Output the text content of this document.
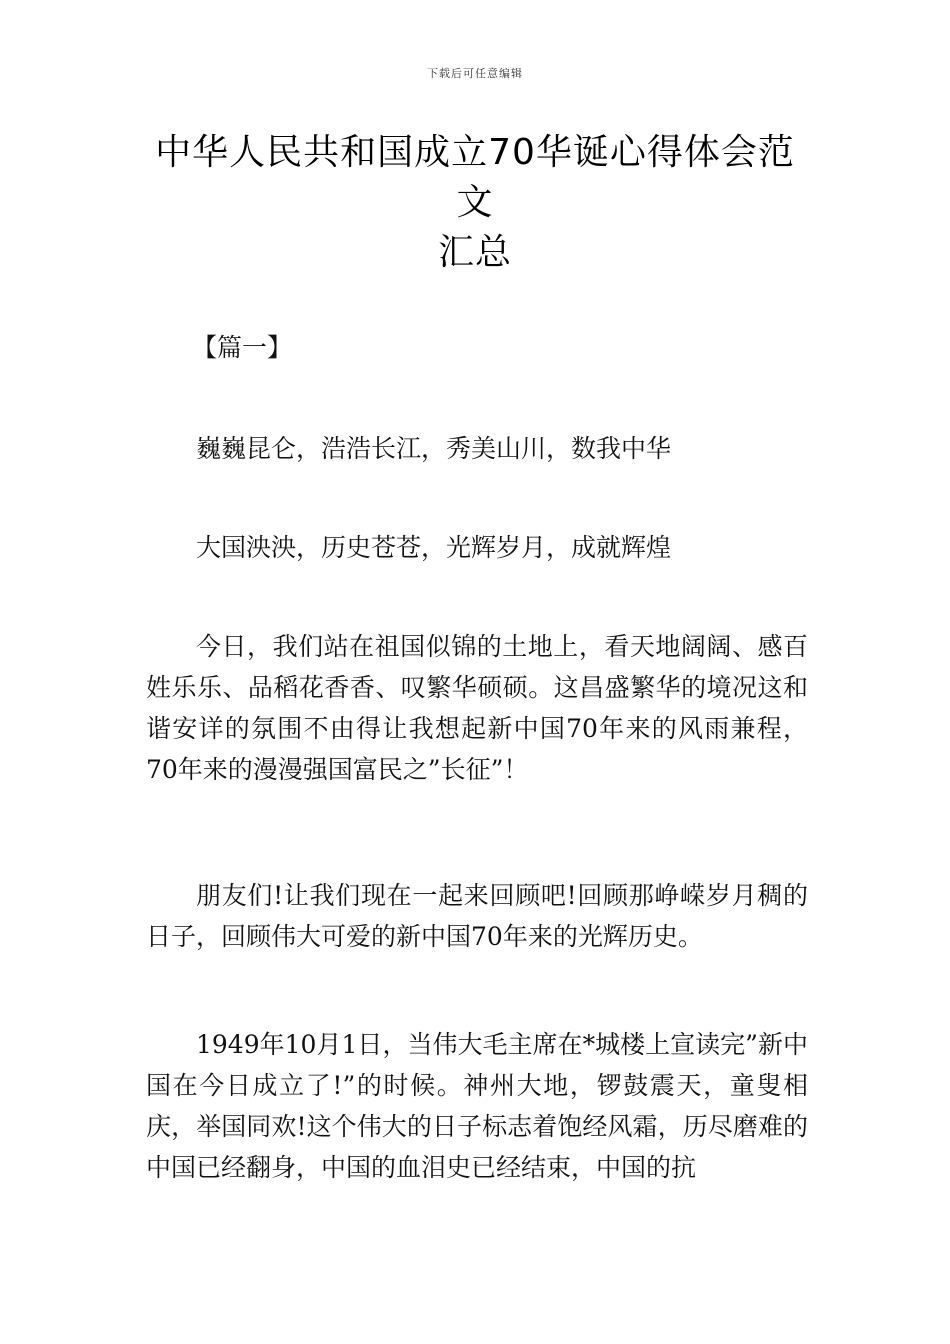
下载后可任意编辑
中华人民共和国成立70华诞心得体会范文
汇总
【篇一】

巍巍昆仑，浩浩长江，秀美山川，数我中华

大国泱泱，历史苍苍，光辉岁月，成就辉煌

今日，我们站在祖国似锦的土地上，看天地阔阔、感百姓乐乐、品稻花香香、叹繁华硕硕。这昌盛繁华的境况这和谐安详的氛围不由得让我想起新中国70年来的风雨兼程，70年来的漫漫强国富民之”长征”！

朋友们!让我们现在一起来回顾吧!回顾那峥嵘岁月稠的日子，回顾伟大可爱的新中国70年来的光辉历史。

1949年10月1日，当伟大毛主席在*城楼上宣读完”新中国在今日成立了!”的时候。神州大地，锣鼓震天，童叟相庆，举国同欢!这个伟大的日子标志着饱经风霜，历尽磨难的中国已经翻身，中国的血泪史已经结束，中国的抗
